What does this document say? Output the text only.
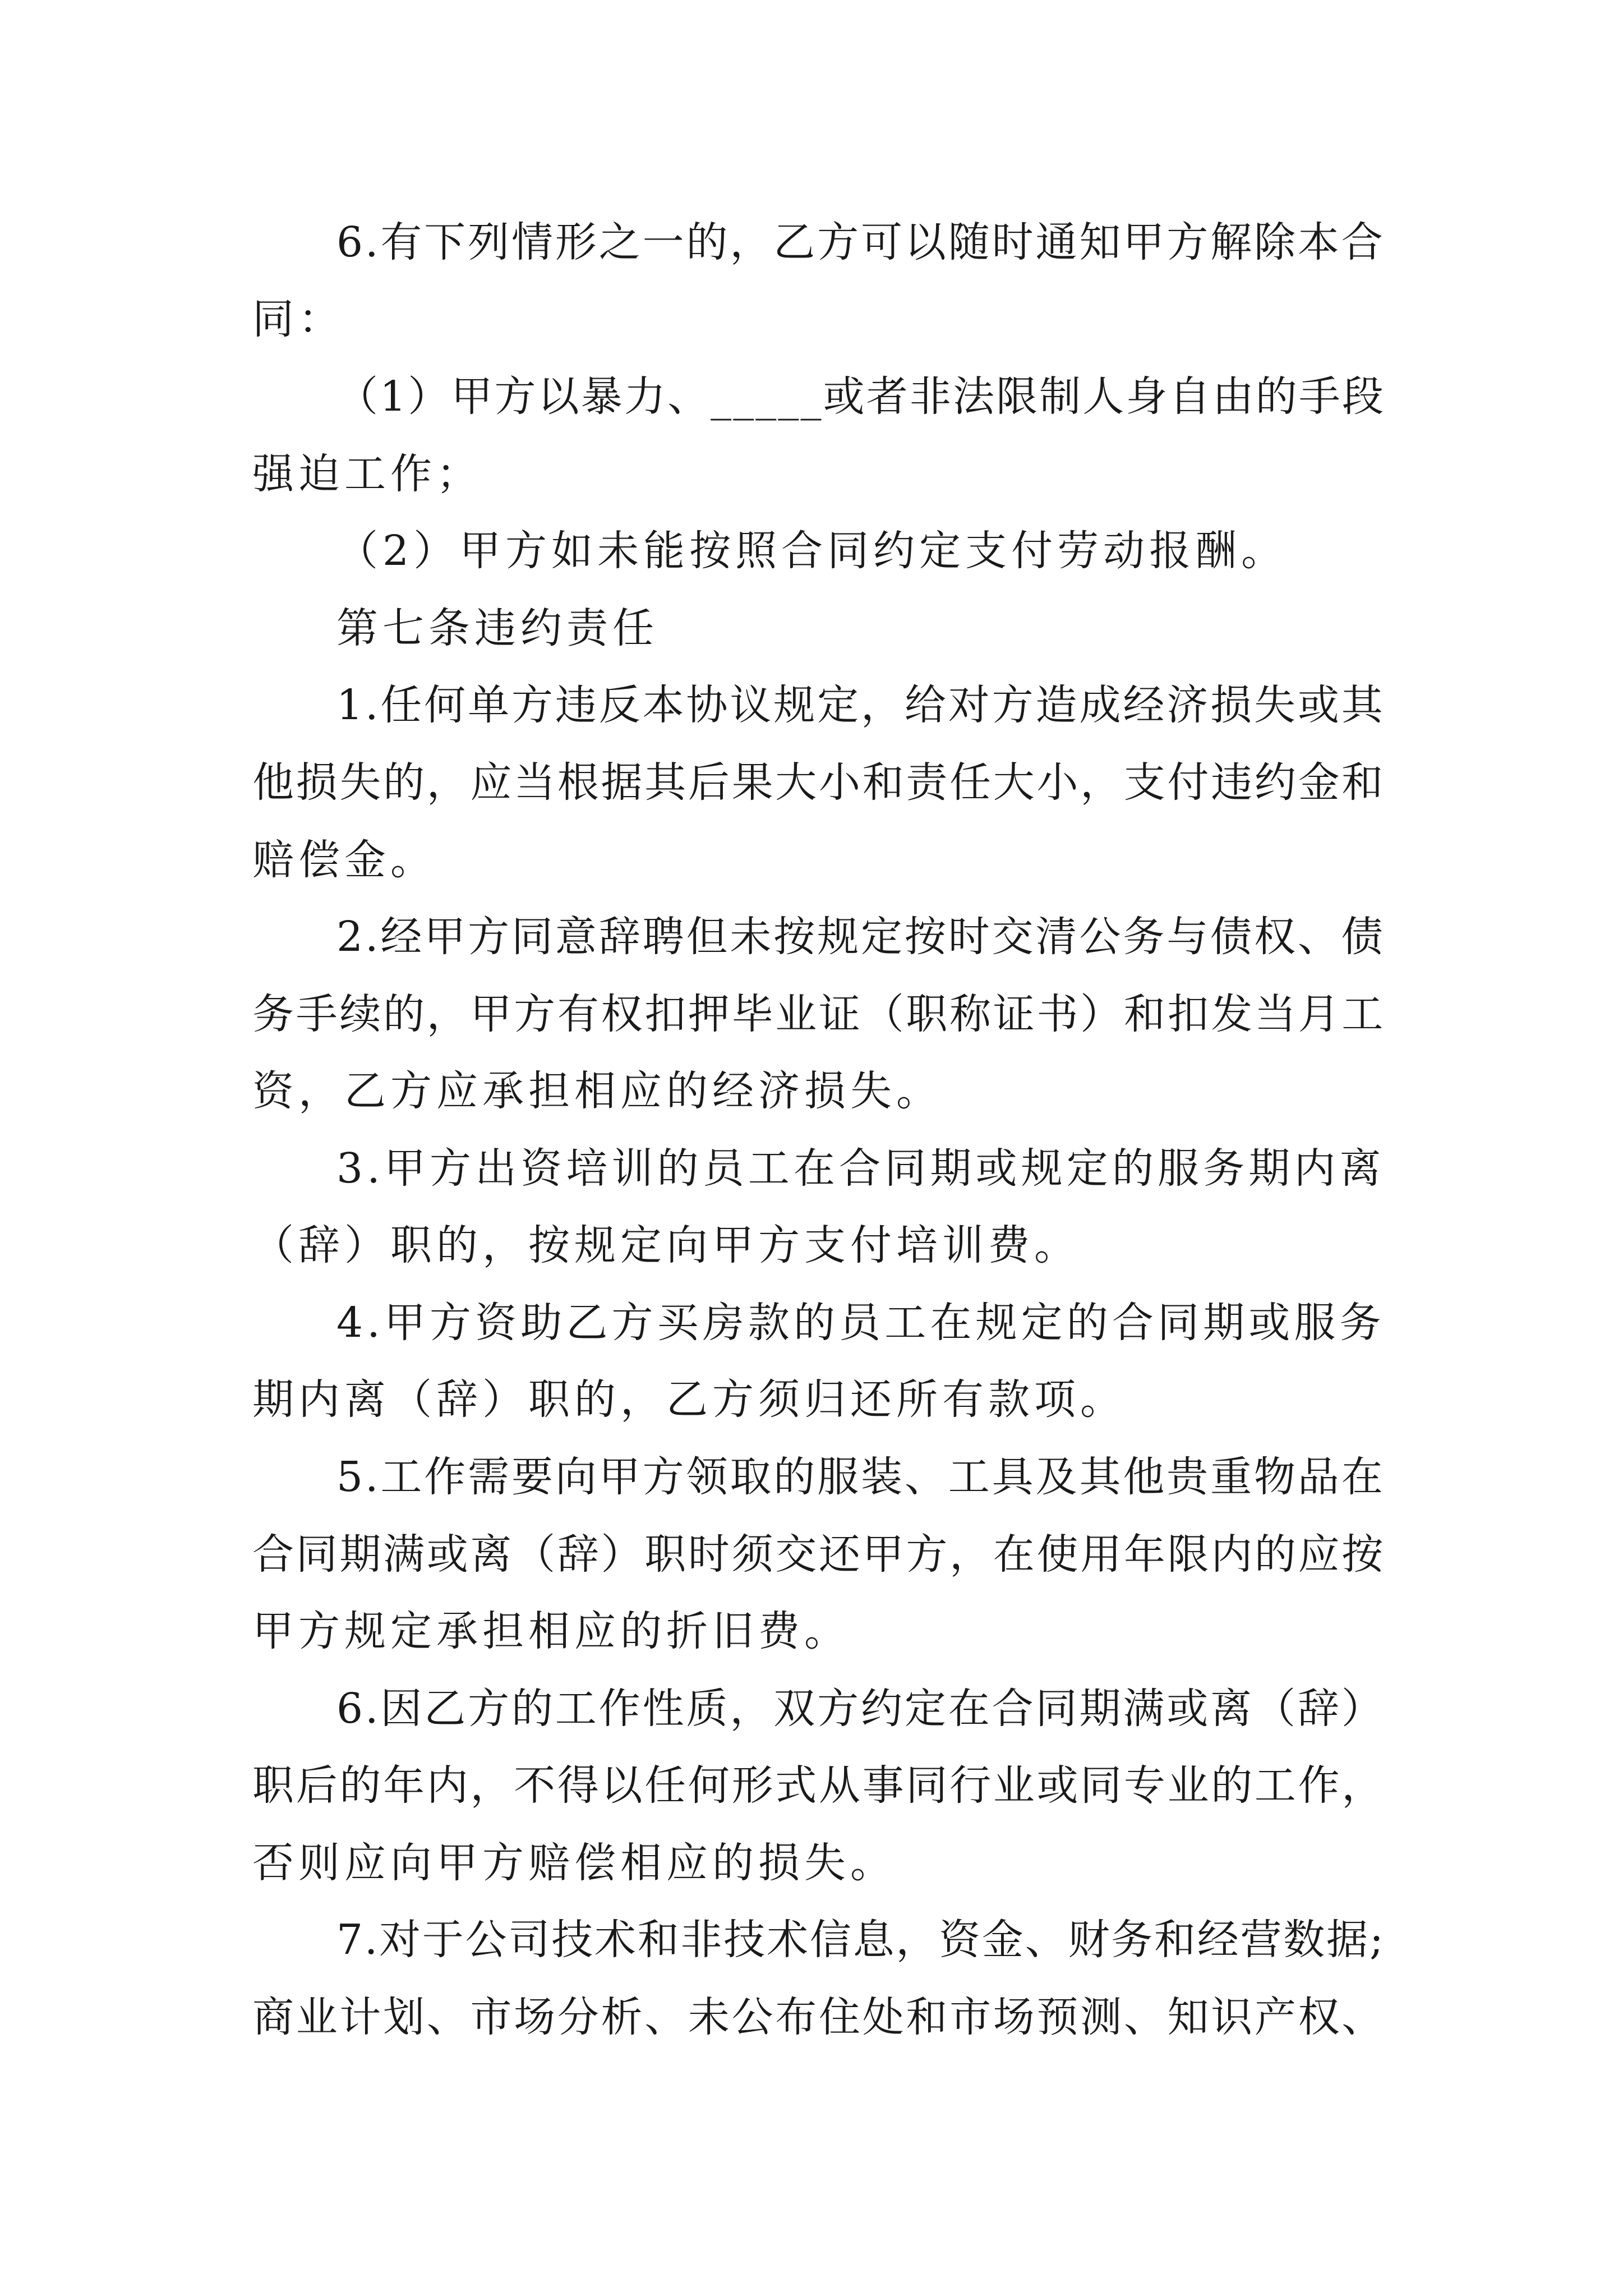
6.有下列情形之一的，乙方可以随时通知甲方解除本合
同：
（1）甲方以暴力、_____或者非法限制人身自由的手段
强迫工作；
（2）甲方如未能按照合同约定支付劳动报酬。
第七条违约责任
1.任何单方违反本协议规定，给对方造成经济损失或其
他损失的，应当根据其后果大小和责任大小，支付违约金和
赔偿金。
2.经甲方同意辞聘但未按规定按时交清公务与债权、债
务手续的，甲方有权扣押毕业证（职称证书）和扣发当月工
资，乙方应承担相应的经济损失。
3.甲方出资培训的员工在合同期或规定的服务期内离
（辞）职的，按规定向甲方支付培训费。
4.甲方资助乙方买房款的员工在规定的合同期或服务
期内离（辞）职的，乙方须归还所有款项。
5.工作需要向甲方领取的服装、工具及其他贵重物品在
合同期满或离（辞）职时须交还甲方，在使用年限内的应按
甲方规定承担相应的折旧费。
6.因乙方的工作性质，双方约定在合同期满或离（辞）
职后的年内，不得以任何形式从事同行业或同专业的工作，
否则应向甲方赔偿相应的损失。
7.对于公司技术和非技术信息，资金、财务和经营数据;
商业计划、市场分析、未公布住处和市场预测、知识产权、
